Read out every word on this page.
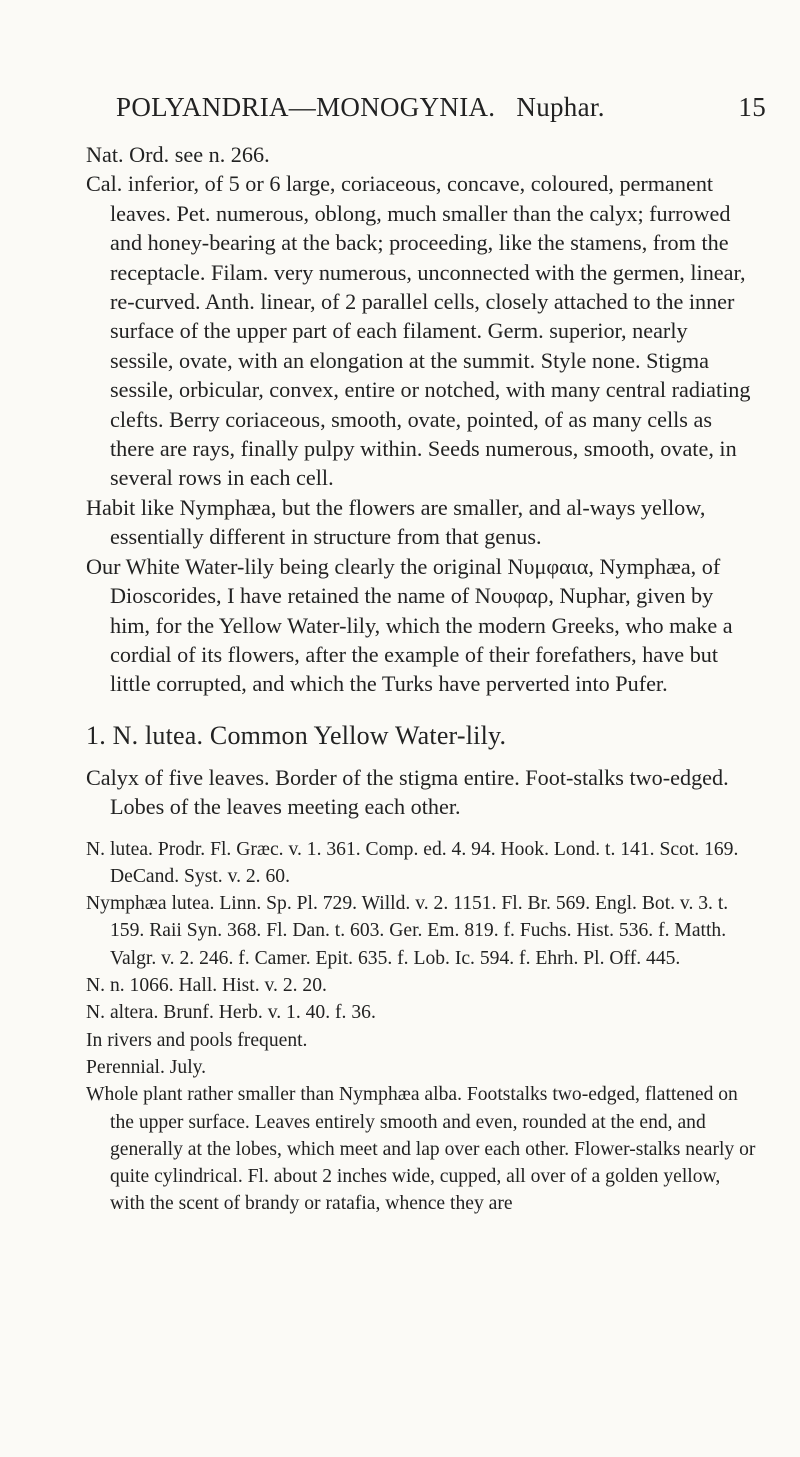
POLYANDRIA—MONOGYNIA. Nuphar.	15

Nat. Ord. see n. 266.

Cal. inferior, of 5 or 6 large, coriaceous, concave, coloured, permanent leaves. Pet. numerous, oblong, much smaller than the calyx; furrowed and honey-bearing at the back; proceeding, like the stamens, from the receptacle. Filam. very numerous, unconnected with the germen, linear, re-curved. Anth. linear, of 2 parallel cells, closely attached to the inner surface of the upper part of each filament. Germ. superior, nearly sessile, ovate, with an elongation at the summit. Style none. Stigma sessile, orbicular, convex, entire or notched, with many central radiating clefts. Berry coriaceous, smooth, ovate, pointed, of as many cells as there are rays, finally pulpy within. Seeds numerous, smooth, ovate, in several rows in each cell.

Habit like Nymphæa, but the flowers are smaller, and al-ways yellow, essentially different in structure from that genus.

Our White Water-lily being clearly the original Νυμφαια, Nymphæa, of Dioscorides, I have retained the name of Νουφαρ, Nuphar, given by him, for the Yellow Water-lily, which the modern Greeks, who make a cordial of its flowers, after the example of their forefathers, have but little corrupted, and which the Turks have perverted into Pufer.

1. N. lutea. Common Yellow Water-lily.

Calyx of five leaves. Border of the stigma entire. Foot-stalks two-edged. Lobes of the leaves meeting each other.

N. lutea. Prodr. Fl. Græc. v. 1. 361. Comp. ed. 4. 94. Hook. Lond. t. 141. Scot. 169. DeCand. Syst. v. 2. 60.

Nymphæa lutea. Linn. Sp. Pl. 729. Willd. v. 2. 1151. Fl. Br. 569. Engl. Bot. v. 3. t. 159. Raii Syn. 368. Fl. Dan. t. 603. Ger. Em. 819. f. Fuchs. Hist. 536. f. Matth. Valgr. v. 2. 246. f. Camer. Epit. 635. f. Lob. Ic. 594. f. Ehrh. Pl. Off. 445.

N. n. 1066. Hall. Hist. v. 2. 20.

N. altera. Brunf. Herb. v. 1. 40. f. 36.

In rivers and pools frequent.

Perennial. July.

Whole plant rather smaller than Nymphæa alba. Footstalks two-edged, flattened on the upper surface. Leaves entirely smooth and even, rounded at the end, and generally at the lobes, which meet and lap over each other. Flower-stalks nearly or quite cylindrical. Fl. about 2 inches wide, cupped, all over of a golden yellow, with the scent of brandy or ratafia, whence they are
